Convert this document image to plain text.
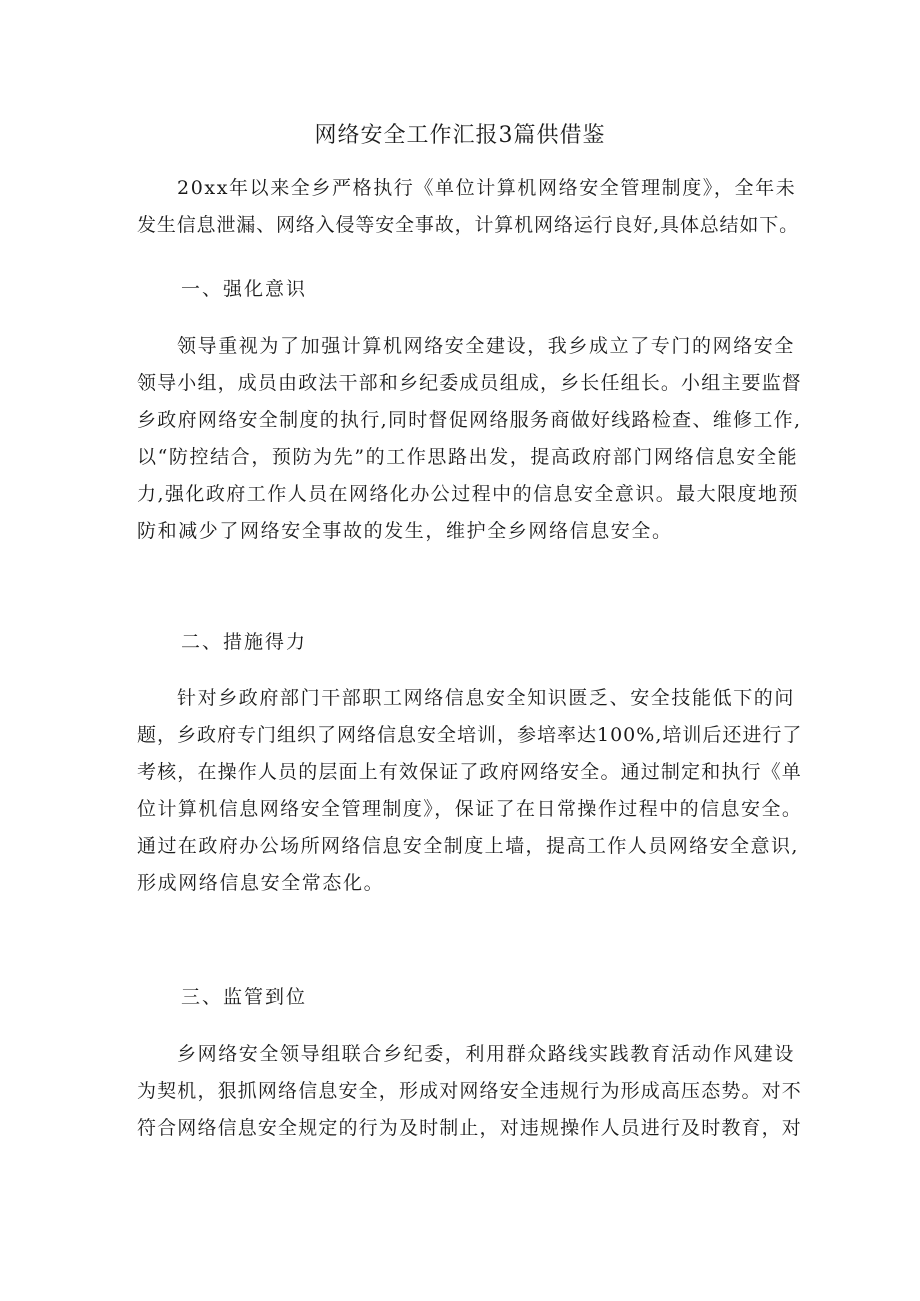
网络安全工作汇报3篇供借鉴
20xx年以来全乡严格执行《单位计算机网络安全管理制度》，全年未
发生信息泄漏、网络入侵等安全事故，计算机网络运行良好,具体总结如下。
一、强化意识
领导重视为了加强计算机网络安全建设，我乡成立了专门的网络安全
领导小组，成员由政法干部和乡纪委成员组成，乡长任组长。小组主要监督
乡政府网络安全制度的执行,同时督促网络服务商做好线路检查、维修工作,
以“防控结合，预防为先”的工作思路出发，提高政府部门网络信息安全能
力,强化政府工作人员在网络化办公过程中的信息安全意识。最大限度地预
防和减少了网络安全事故的发生，维护全乡网络信息安全。
二、措施得力
针对乡政府部门干部职工网络信息安全知识匮乏、安全技能低下的问
题，乡政府专门组织了网络信息安全培训，参培率达100%,培训后还进行了
考核，在操作人员的层面上有效保证了政府网络安全。通过制定和执行《单
位计算机信息网络安全管理制度》，保证了在日常操作过程中的信息安全。
通过在政府办公场所网络信息安全制度上墙，提高工作人员网络安全意识,
形成网络信息安全常态化。
三、监管到位
乡网络安全领导组联合乡纪委，利用群众路线实践教育活动作风建设
为契机，狠抓网络信息安全，形成对网络安全违规行为形成高压态势。对不
符合网络信息安全规定的行为及时制止，对违规操作人员进行及时教育，对
